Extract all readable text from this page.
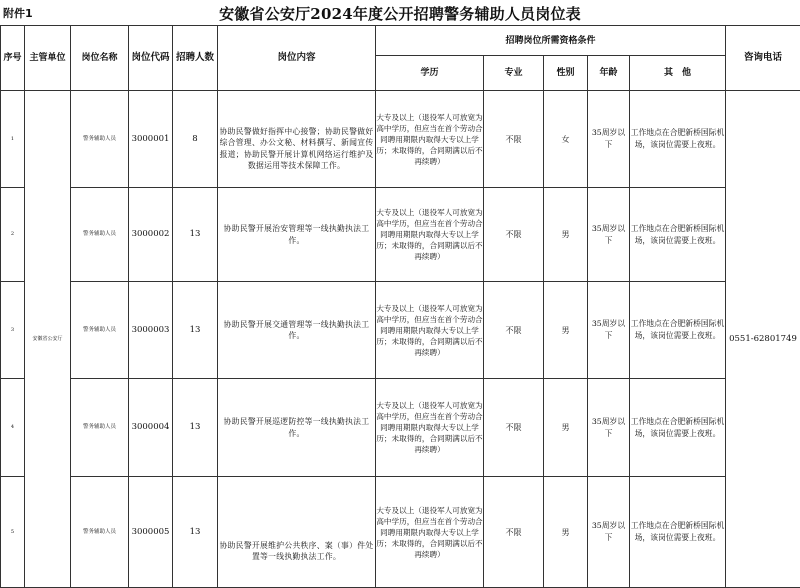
附件1	安徽省公安厅2024年度公开招聘警务辅助人员岗位表
序号	主管单位	岗位名称	岗位代码	招聘人数	岗位内容	招聘岗位所需资格条件					咨询电话
						学历	专业	性别	年龄	其　他	
1	安徽省公安厅	警务辅助人员	3000001	8	协助民警做好指挥中心接警；协助民警做好综合管理、办公文秘、材料撰写、新闻宣传报道；协助民警开展计算机网络运行维护及数据运用等技术保障工作。	大专及以上（退役军人可放宽为高中学历，但应当在首个劳动合同聘用期限内取得大专以上学历；未取得的，合同期满以后不再续聘）	不限	女	35周岁以下	工作地点在合肥新桥国际机场，该岗位需要上夜班。	0551-62801749
2		警务辅助人员	3000002	13	协助民警开展治安管理等一线执勤执法工作。	大专及以上（退役军人可放宽为高中学历，但应当在首个劳动合同聘用期限内取得大专以上学历；未取得的，合同期满以后不再续聘）	不限	男	35周岁以下	工作地点在合肥新桥国际机场，该岗位需要上夜班。	
3		警务辅助人员	3000003	13	协助民警开展交通管理等一线执勤执法工作。	大专及以上（退役军人可放宽为高中学历，但应当在首个劳动合同聘用期限内取得大专以上学历；未取得的，合同期满以后不再续聘）	不限	男	35周岁以下	工作地点在合肥新桥国际机场，该岗位需要上夜班。	
4		警务辅助人员	3000004	13	协助民警开展巡逻防控等一线执勤执法工作。	大专及以上（退役军人可放宽为高中学历，但应当在首个劳动合同聘用期限内取得大专以上学历；未取得的，合同期满以后不再续聘）	不限	男	35周岁以下	工作地点在合肥新桥国际机场，该岗位需要上夜班。	
5		警务辅助人员	3000005	13	协助民警开展维护公共秩序、案（事）件处置等一线执勤执法工作。	大专及以上（退役军人可放宽为高中学历，但应当在首个劳动合同聘用期限内取得大专以上学历；未取得的，合同期满以后不再续聘）	不限	男	35周岁以下	工作地点在合肥新桥国际机场，该岗位需要上夜班。	
